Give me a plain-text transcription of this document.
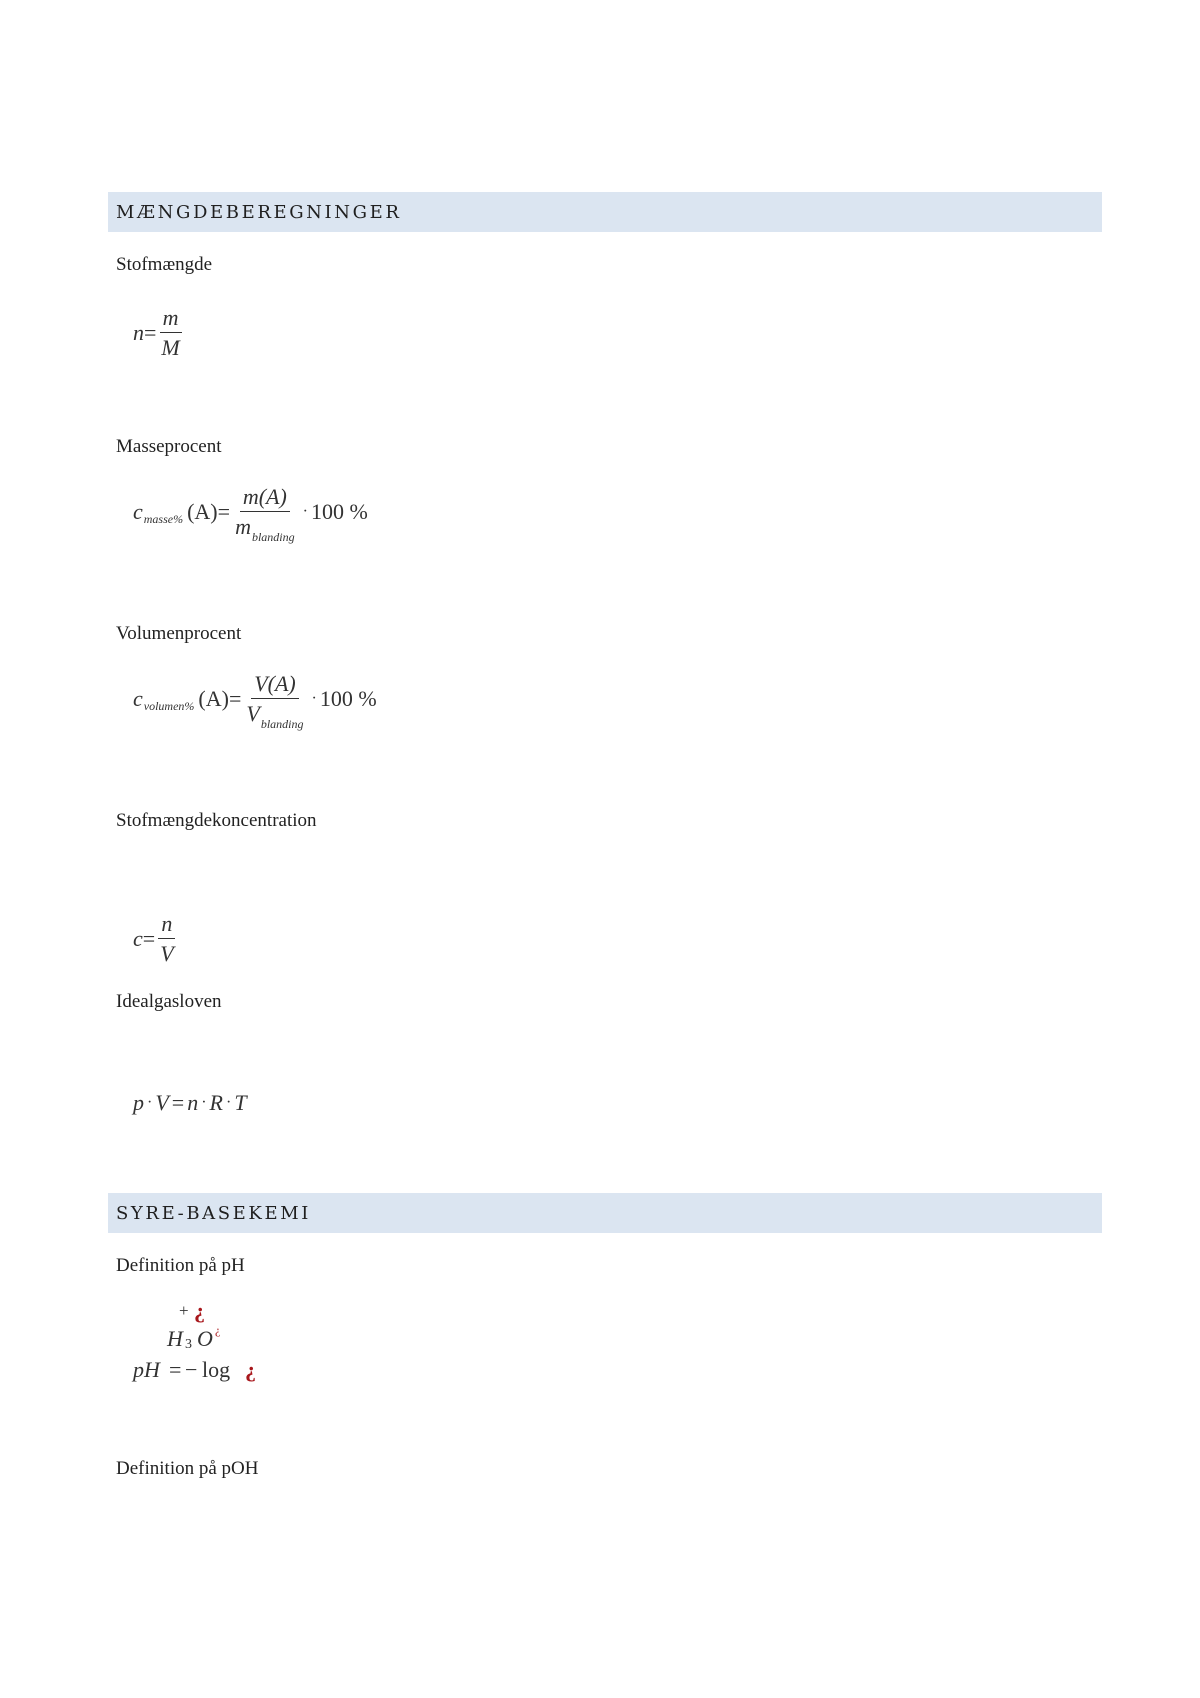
MÆNGDEBEREGNINGER
Stofmængde
$n = \frac{m}{M}$
Masseprocent
c masse% $(A) = \frac{m(A)}{m_{blanding}} \cdot 100$ %
Volumenprocent
c volumen% $(A) = \frac{V(A)}{V_{blanding}} \cdot 100$ %
Stofmængdekoncentration
$c = \frac{n}{V}$
Idealgasloven
p · V = n · R · T
SYRE-BASEKEMI
Definition på pH
+ ¿
H 3 O ¿
pH = − log ¿
Definition på pOH
